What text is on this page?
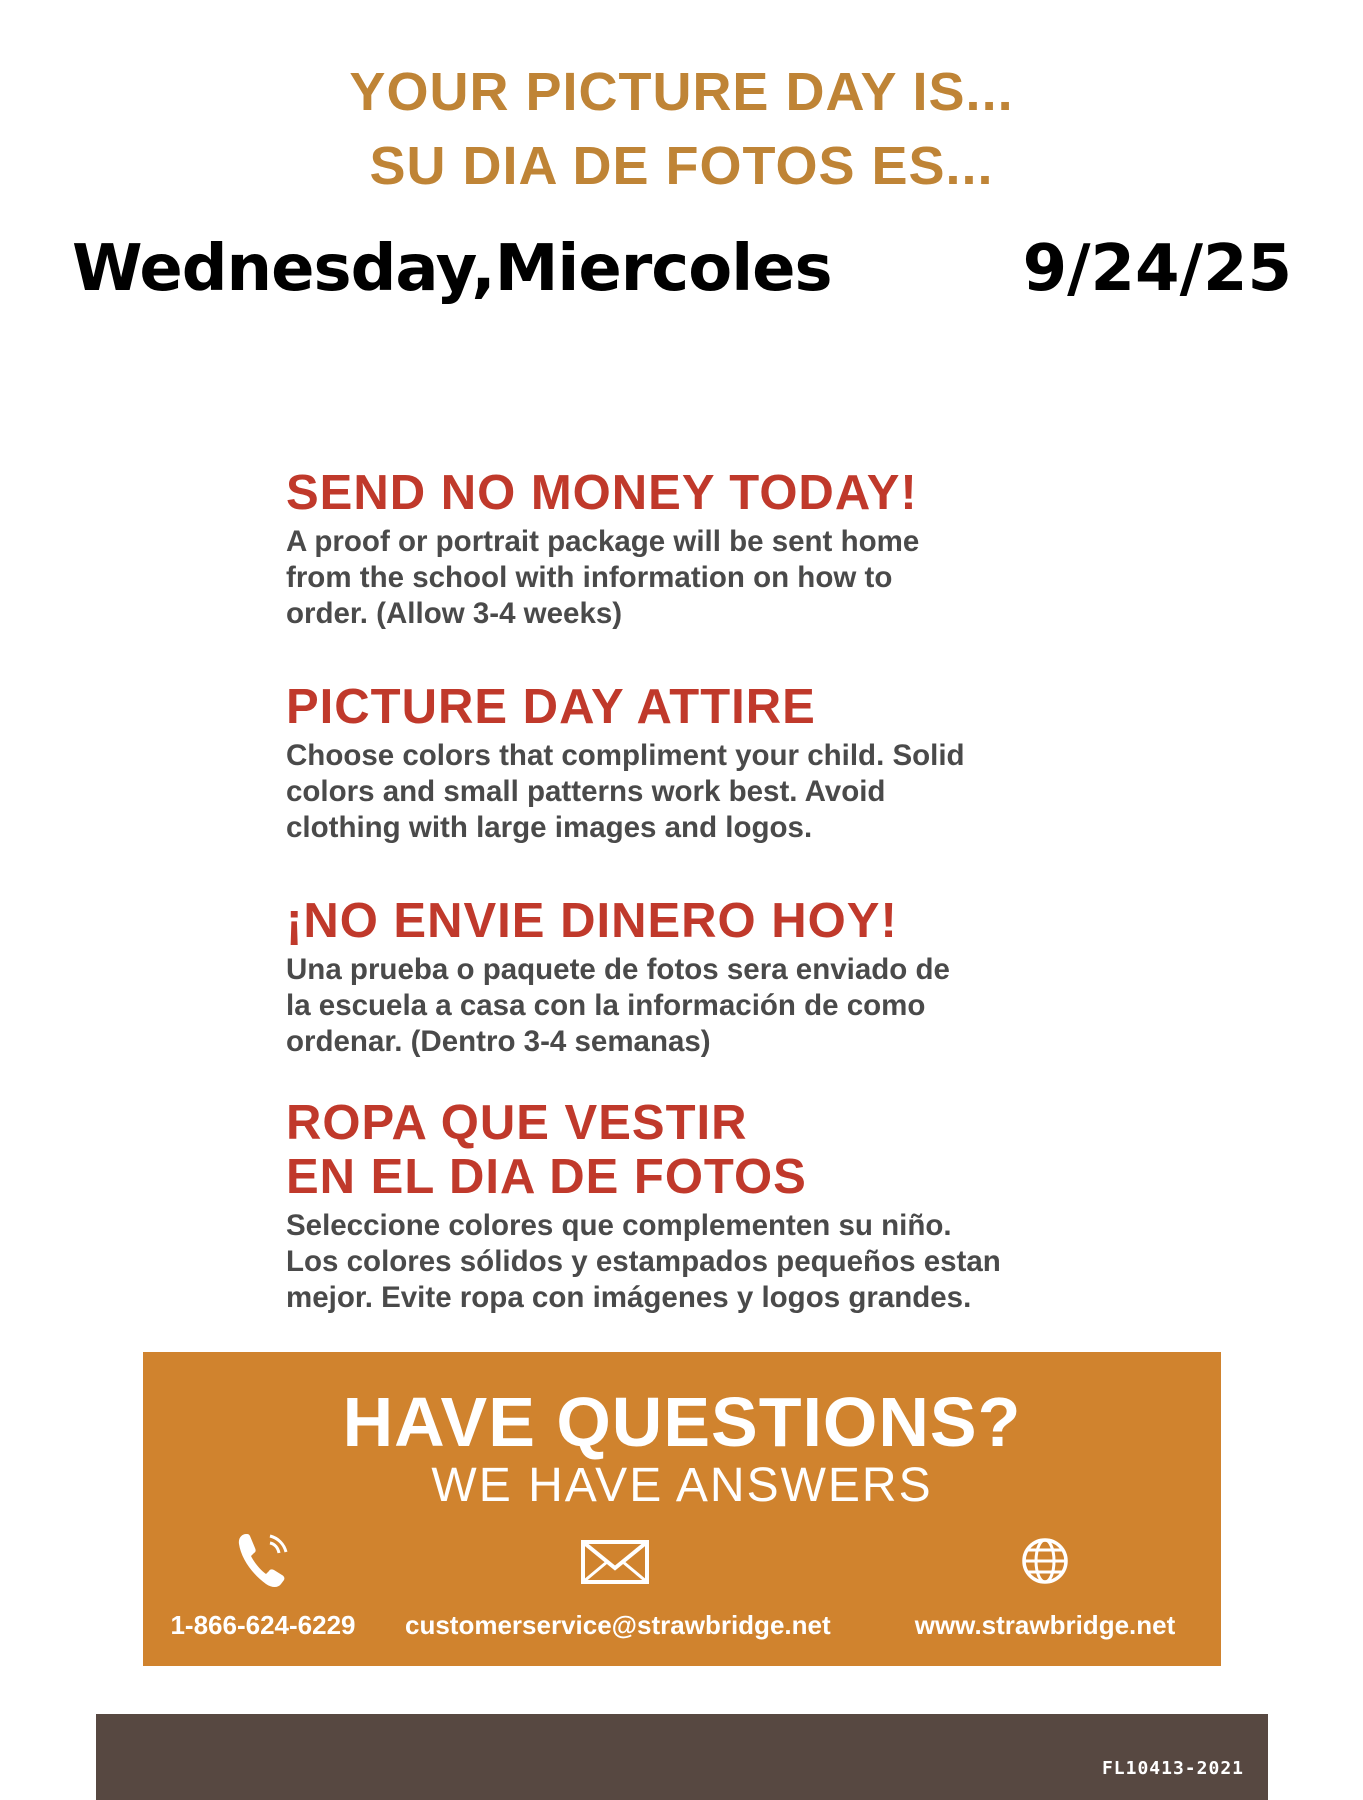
YOUR PICTURE DAY IS...
SU DIA DE FOTOS ES...
Wednesday,Miercoles	9/24/25
SEND NO MONEY TODAY!
A proof or portrait package will be sent home
from the school with information on how to
order. (Allow 3-4 weeks)
PICTURE DAY ATTIRE
Choose colors that compliment your child. Solid
colors and small patterns work best. Avoid
clothing with large images and logos.
¡NO ENVIE DINERO HOY!
Una prueba o paquete de fotos sera enviado de
la escuela a casa con la información de como
ordenar. (Dentro 3-4 semanas)
ROPA QUE VESTIR
EN EL DIA DE FOTOS
Seleccione colores que complementen su niño.
Los colores sólidos y estampados pequeños estan
mejor. Evite ropa con imágenes y logos grandes.
HAVE QUESTIONS?
WE HAVE ANSWERS
1-866-624-6229 customerservice@strawbridge.net	www.strawbridge.net
FL10413-2021
